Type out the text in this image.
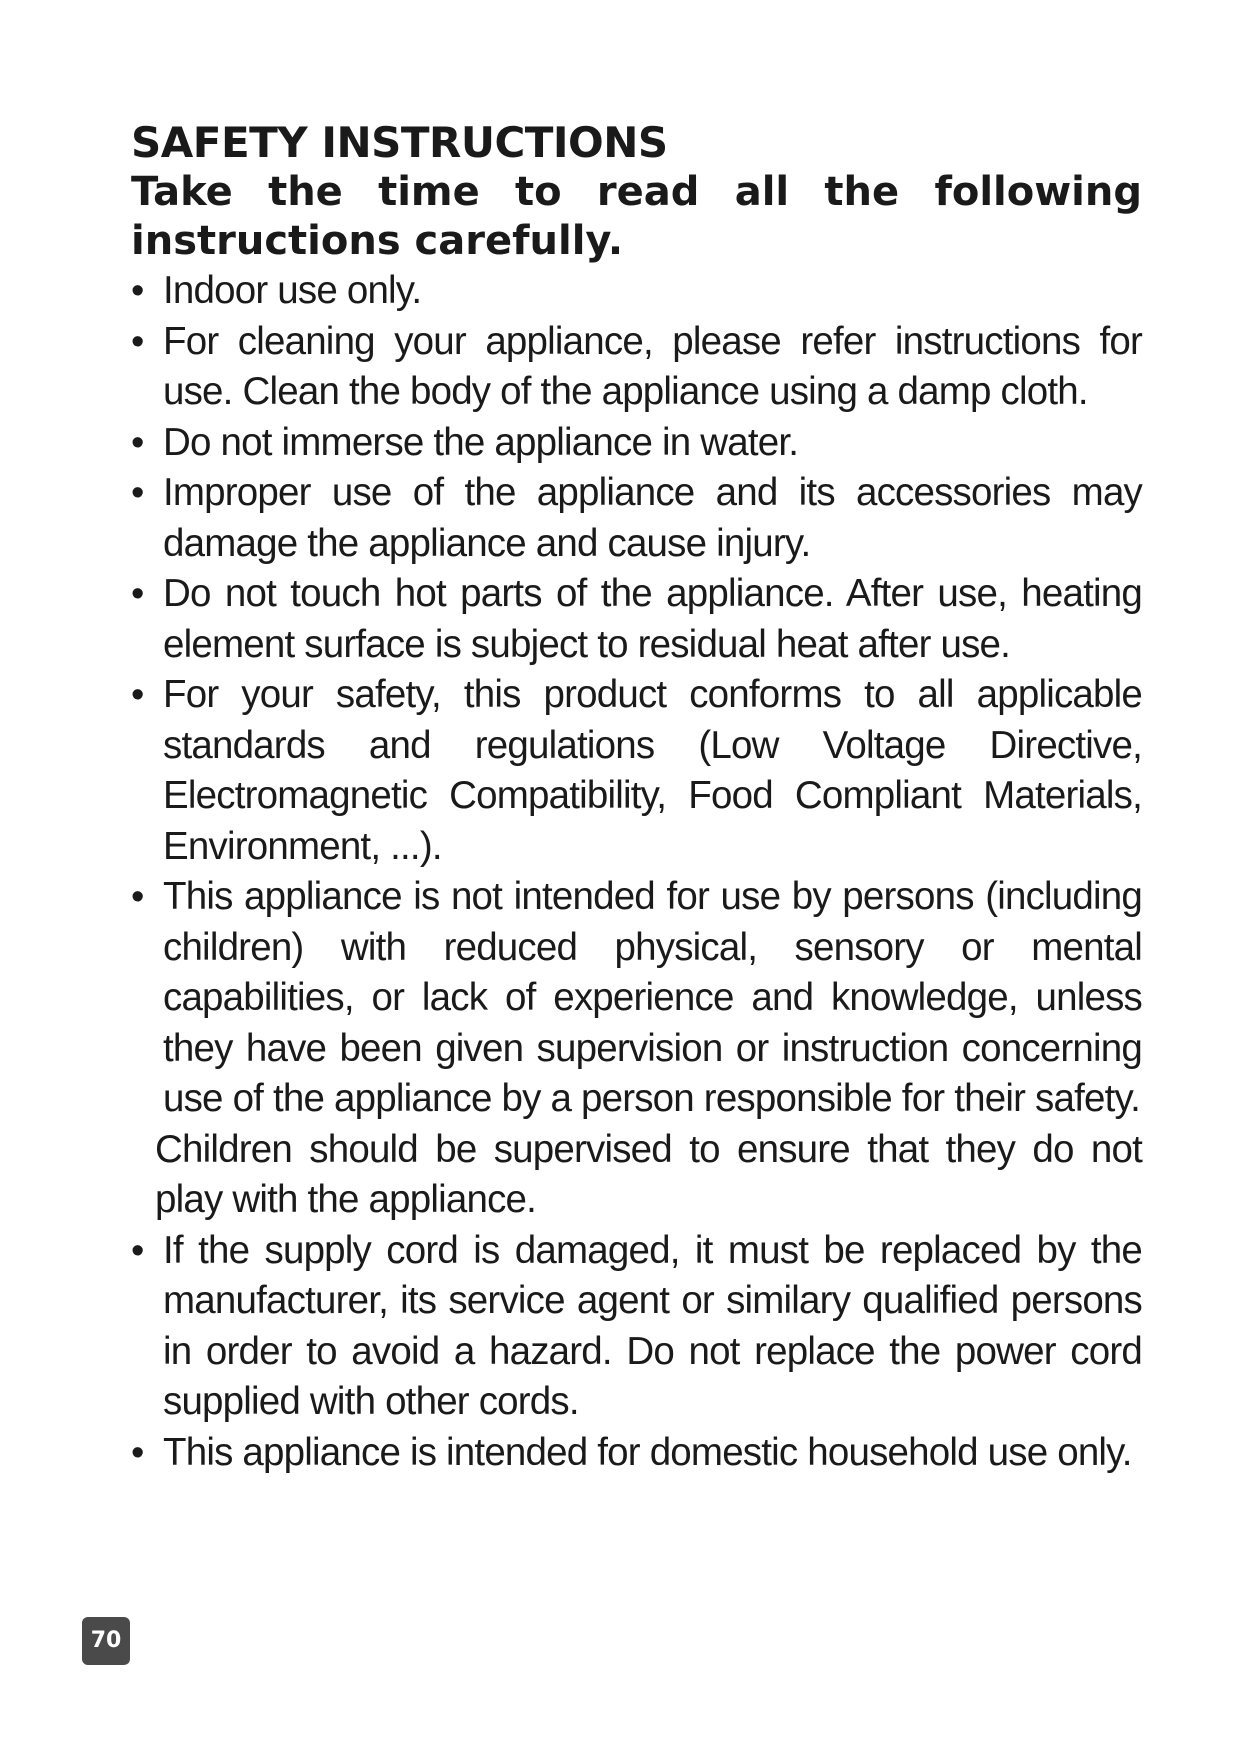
SAFETY INSTRUCTIONS

Take the time to read all the following instructions carefully.

• Indoor use only.
• For cleaning your appliance, please refer instructions for use. Clean the body of the appliance using a damp cloth.
• Do not immerse the appliance in water.
• Improper use of the appliance and its accessories may damage the appliance and cause injury.
• Do not touch hot parts of the appliance. After use, heating element surface is subject to residual heat after use.
• For your safety, this product conforms to all applicable standards and regulations (Low Voltage Directive, Electromagnetic Compatibility, Food Compliant Materials, Environment, ...).
• This appliance is not intended for use by persons (including children) with reduced physical, sensory or mental capabilities, or lack of experience and knowledge, unless they have been given supervision or instruction concerning use of the appliance by a person responsible for their safety.

Children should be supervised to ensure that they do not play with the appliance.

• If the supply cord is damaged, it must be replaced by the manufacturer, its service agent or similary qualified persons in order to avoid a hazard. Do not replace the power cord supplied with other cords.
• This appliance is intended for domestic household use only.
70
